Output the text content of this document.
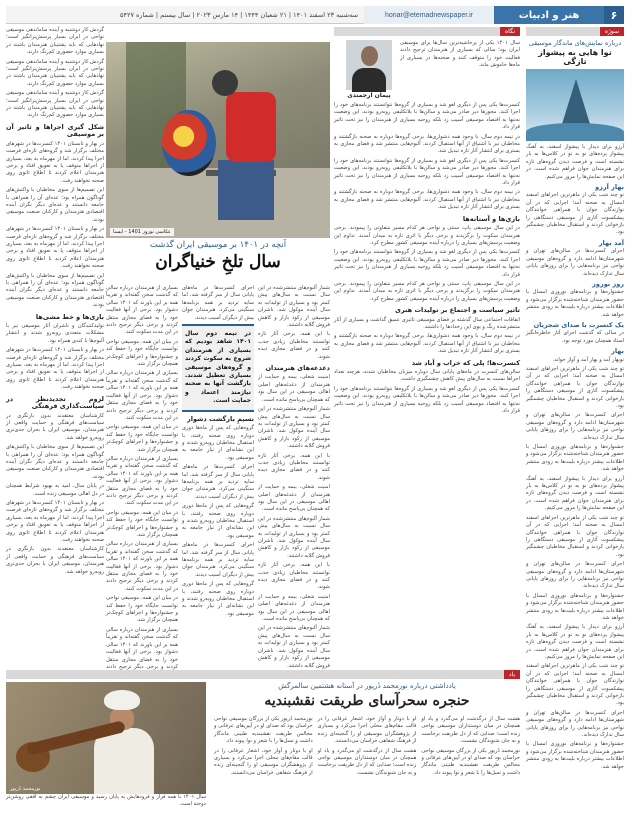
۶
هنر و ادبیات
honar@etemadnewspaper.ir
سه‌شنبه ۲۳ اسفند ۱۴۰۱ | ۲۱ شعبان ۱۴۴۴ | ۱۴ مارس ۲۰۲۳ | سال بیستم | شماره ۵۴۲۷
سوژه
درباره نمایش‌های ماندگار موسیقی
نوا هایی به پیشواز تازگی

آرزو برای دیدار با پیشواز اسفند، به آهنگ پیشواز پرده‌های نو به نو در کلاس‌ها به بار نشسته است و فرصت دیدن گروه‌های تازه برای هنرمندان جوان فراهم شده است. در این صفحه نمایش‌ها را مرور می‌کنیم.

بهار آرزو

تو چند شب یکی از ماهرترین اجراهای اسفند امسال به صحنه آمد؛ اجرایی که در آن نوازندگان جوان با همراهی خوانندگان پیشکسوت آثاری از موسیقی دستگاهی را بازخوانی کردند و استقبال مخاطبان چشمگیر بود.

آمد بهار

اجرای کنسرت‌ها در سالن‌های تهران و شهرستان‌ها ادامه دارد و گروه‌های موسیقی نواحی نیز برنامه‌هایی را برای روزهای پایانی سال تدارک دیده‌اند.

روز نوروز

جشنواره‌ها و برنامه‌های نوروزی امسال با حضور هنرمندان شناخته‌شده برگزار می‌شود و اطلاعات بیشتر درباره بلیت‌ها به زودی منتشر خواهد شد.

یک کنسرت با صدای شجریان

در سالی که گذشت اجرای آثار خاطره‌انگیز استاد همچنان مورد توجه بود.

بهار

نوبهار آمد و بهار آمد و آواز خواند.

تو چند شب یکی از ماهرترین اجراهای اسفند امسال به صحنه آمد؛ اجرایی که در آن نوازندگان جوان با همراهی خوانندگان پیشکسوت آثاری از موسیقی دستگاهی را بازخوانی کردند و استقبال مخاطبان چشمگیر بود.

اجرای کنسرت‌ها در سالن‌های تهران و شهرستان‌ها ادامه دارد و گروه‌های موسیقی نواحی نیز برنامه‌هایی را برای روزهای پایانی سال تدارک دیده‌اند.

جشنواره‌ها و برنامه‌های نوروزی امسال با حضور هنرمندان شناخته‌شده برگزار می‌شود و اطلاعات بیشتر درباره بلیت‌ها به زودی منتشر خواهد شد.

آرزو برای دیدار با پیشواز اسفند، به آهنگ پیشواز پرده‌های نو به نو در کلاس‌ها به بار نشسته است و فرصت دیدن گروه‌های تازه برای هنرمندان جوان فراهم شده است. در این صفحه نمایش‌ها را مرور می‌کنیم.

تو چند شب یکی از ماهرترین اجراهای اسفند امسال به صحنه آمد؛ اجرایی که در آن نوازندگان جوان با همراهی خوانندگان پیشکسوت آثاری از موسیقی دستگاهی را بازخوانی کردند و استقبال مخاطبان چشمگیر بود.

اجرای کنسرت‌ها در سالن‌های تهران و شهرستان‌ها ادامه دارد و گروه‌های موسیقی نواحی نیز برنامه‌هایی را برای روزهای پایانی سال تدارک دیده‌اند.

جشنواره‌ها و برنامه‌های نوروزی امسال با حضور هنرمندان شناخته‌شده برگزار می‌شود و اطلاعات بیشتر درباره بلیت‌ها به زودی منتشر خواهد شد.

آرزو برای دیدار با پیشواز اسفند، به آهنگ پیشواز پرده‌های نو به نو در کلاس‌ها به بار نشسته است و فرصت دیدن گروه‌های تازه برای هنرمندان جوان فراهم شده است. در این صفحه نمایش‌ها را مرور می‌کنیم.

تو چند شب یکی از ماهرترین اجراهای اسفند امسال به صحنه آمد؛ اجرایی که در آن نوازندگان جوان با همراهی خوانندگان پیشکسوت آثاری از موسیقی دستگاهی را بازخوانی کردند و استقبال مخاطبان چشمگیر بود.

اجرای کنسرت‌ها در سالن‌های تهران و شهرستان‌ها ادامه دارد و گروه‌های موسیقی نواحی نیز برنامه‌هایی را برای روزهای پایانی سال تدارک دیده‌اند.

جشنواره‌ها و برنامه‌های نوروزی امسال با حضور هنرمندان شناخته‌شده برگزار می‌شود و اطلاعات بیشتر درباره بلیت‌ها به زودی منتشر خواهد شد.

نگاه
سال ۱۴۰۱ یکی از پرحاشیه‌ترین سال‌ها برای موسیقی ایران بود؛ سالی که بسیاری از هنرمندان ترجیح دادند فعالیت خود را متوقف کنند و صحنه‌ها در بسیاری از ماه‌ها خاموش ماند.
پیمان آرجمندی

کنسرت‌ها یکی پس از دیگری لغو شد و بسیاری از گروه‌ها نتوانستند برنامه‌های خود را اجرا کنند. مجوزها دیر صادر می‌شد و سالن‌ها با بلاتکلیفی روبه‌رو بودند. این وضعیت نه‌تنها به اقتصاد موسیقی آسیب زد بلکه روحیه بسیاری از هنرمندان را نیز تحت تاثیر قرار داد.

در نیمه دوم سال، با وجود همه دشواری‌ها، برخی گروه‌ها دوباره به صحنه بازگشتند و مخاطبان نیز با اشتیاق از آنها استقبال کردند. آلبوم‌هایی منتشر شد و فضای مجازی به بستری برای انتشار آثار تازه تبدیل شد.

کنسرت‌ها یکی پس از دیگری لغو شد و بسیاری از گروه‌ها نتوانستند برنامه‌های خود را اجرا کنند. مجوزها دیر صادر می‌شد و سالن‌ها با بلاتکلیفی روبه‌رو بودند. این وضعیت نه‌تنها به اقتصاد موسیقی آسیب زد بلکه روحیه بسیاری از هنرمندان را نیز تحت تاثیر قرار داد.

در نیمه دوم سال، با وجود همه دشواری‌ها، برخی گروه‌ها دوباره به صحنه بازگشتند و مخاطبان نیز با اشتیاق از آنها استقبال کردند. آلبوم‌هایی منتشر شد و فضای مجازی به بستری برای انتشار آثار تازه تبدیل شد.

بازی‌ها و آستانه‌ها

در این سال موسیقی پاپ، سنتی و نواحی هر کدام مسیر متفاوتی را پیمودند. برخی هنرمندان سکوت را برگزیدند و برخی دیگر با اثری تازه به میدان آمدند. تداوم این وضعیت پرسش‌های بسیاری را درباره آینده موسیقی کشور مطرح کرد.

کنسرت‌ها یکی پس از دیگری لغو شد و بسیاری از گروه‌ها نتوانستند برنامه‌های خود را اجرا کنند. مجوزها دیر صادر می‌شد و سالن‌ها با بلاتکلیفی روبه‌رو بودند. این وضعیت نه‌تنها به اقتصاد موسیقی آسیب زد بلکه روحیه بسیاری از هنرمندان را نیز تحت تاثیر قرار داد.

در این سال موسیقی پاپ، سنتی و نواحی هر کدام مسیر متفاوتی را پیمودند. برخی هنرمندان سکوت را برگزیدند و برخی دیگر با اثری تازه به میدان آمدند. تداوم این وضعیت پرسش‌های بسیاری را درباره آینده موسیقی کشور مطرح کرد.

تاثیر سیاست و اجتماع بر تولیدات هنری

اتفاقات اجتماعی سال گذشته بر فضای موسیقی تاثیری عمیق گذاشت و بسیاری از آثار منتشرشده رنگ و بوی این رخدادها را داشتند.

در نیمه دوم سال، با وجود همه دشواری‌ها، برخی گروه‌ها دوباره به صحنه بازگشتند و مخاطبان نیز با اشتیاق از آنها استقبال کردند. آلبوم‌هایی منتشر شد و فضای مجازی به بستری برای انتشار آثار تازه تبدیل شد.

کنسرت‌ها؛ پلی که خراب و آباد شد

سالن‌های کنسرت در ماه‌های پایانی سال دوباره میزبان مخاطبان شدند، هرچند تعداد اجراها نسبت به سال‌های پیش کاهش چشمگیری داشت.

کنسرت‌ها یکی پس از دیگری لغو شد و بسیاری از گروه‌ها نتوانستند برنامه‌های خود را اجرا کنند. مجوزها دیر صادر می‌شد و سالن‌ها با بلاتکلیفی روبه‌رو بودند. این وضعیت نه‌تنها به اقتصاد موسیقی آسیب زد بلکه روحیه بسیاری از هنرمندان را نیز تحت تاثیر قرار داد.

عکاسی نوروز 1401 - ایسنا
آنچه در ۱۴۰۱ بر موسیقی ایران گذشت
سال تلخِ خنیاگران

گردش کار دوشنبه و آینده ساماندهی موسیقی نواحی در ایران بسیار پرسش‌برانگیز است؛ نهادهایی که باید پشتیبان هنرمندان باشند در بسیاری موارد حضوری کم‌رنگ دارند.

گردش کار دوشنبه و آینده ساماندهی موسیقی نواحی در ایران بسیار پرسش‌برانگیز است؛ نهادهایی که باید پشتیبان هنرمندان باشند در بسیاری موارد حضوری کم‌رنگ دارند.

گردش کار دوشنبه و آینده ساماندهی موسیقی نواحی در ایران بسیار پرسش‌برانگیز است؛ نهادهایی که باید پشتیبان هنرمندان باشند در بسیاری موارد حضوری کم‌رنگ دارند.

شکل گیری اجراها و ثاثیر آن بر موسیقی

در بهار و تابستان ۱۴۰۱ کنسرت‌ها در شهرهای مختلف برگزار شد و گروه‌های تازه‌ای فرصت اجرا پیدا کردند. اما از مهرماه به بعد، بسیاری از اجراها متوقف یا به تعویق افتاد و برخی هنرمندان اعلام کردند تا اطلاع ثانوی روی صحنه نخواهند رفت.

این تصمیم‌ها از سوی مخاطبان با واکنش‌های گوناگون همراه بود؛ عده‌ای آن را همراهی با جامعه دانستند و عده‌ای دیگر نگران آینده اقتصادی هنرمندان و کارکنان صنعت موسیقی بودند.

در بهار و تابستان ۱۴۰۱ کنسرت‌ها در شهرهای مختلف برگزار شد و گروه‌های تازه‌ای فرصت اجرا پیدا کردند. اما از مهرماه به بعد، بسیاری از اجراها متوقف یا به تعویق افتاد و برخی هنرمندان اعلام کردند تا اطلاع ثانوی روی صحنه نخواهند رفت.

این تصمیم‌ها از سوی مخاطبان با واکنش‌های گوناگون همراه بود؛ عده‌ای آن را همراهی با جامعه دانستند و عده‌ای دیگر نگران آینده اقتصادی هنرمندان و کارکنان صنعت موسیقی بودند.

بازی‌ها و خط مشی‌ها

تولیدکنندگان و ناشران آثار موسیقی نیز با مشکلات متعددی روبه‌رو شدند و انتشار آلبوم‌ها با کندی همراه بود.

در بهار و تابستان ۱۴۰۱ کنسرت‌ها در شهرهای مختلف برگزار شد و گروه‌های تازه‌ای فرصت اجرا پیدا کردند. اما از مهرماه به بعد، بسیاری از اجراها متوقف یا به تعویق افتاد و برخی هنرمندان اعلام کردند تا اطلاع ثانوی روی صحنه نخواهند رفت.

لزوم تجدیدنظر در سیاست‌گذاری فرهنگی

کارشناسان معتقدند بدون بازنگری در سیاست‌های فرهنگی و حمایت واقعی از هنرمندان، موسیقی ایران با بحران جدی‌تری روبه‌رو خواهد شد.

این تصمیم‌ها از سوی مخاطبان با واکنش‌های گوناگون همراه بود؛ عده‌ای آن را همراهی با جامعه دانستند و عده‌ای دیگر نگران آینده اقتصادی هنرمندان و کارکنان صنعت موسیقی بودند.

در پایان سال، امید به بهبود شرایط همچنان در دل اهالی موسیقی زنده است.

در بهار و تابستان ۱۴۰۱ کنسرت‌ها در شهرهای مختلف برگزار شد و گروه‌های تازه‌ای فرصت اجرا پیدا کردند. اما از مهرماه به بعد، بسیاری از اجراها متوقف یا به تعویق افتاد و برخی هنرمندان اعلام کردند تا اطلاع ثانوی روی صحنه نخواهند رفت.

کارشناسان معتقدند بدون بازنگری در سیاست‌های فرهنگی و حمایت واقعی از هنرمندان، موسیقی ایران با بحران جدی‌تری روبه‌رو خواهد شد.

شمار آلبوم‌های منتشرشده در این سال نسبت به سال‌های پیش کمتر بود و بسیاری از تولیدات به سال آینده موکول شد. ناشران موسیقی از رکود بازار و کاهش فروش گلایه داشتند.

با این همه، برخی آثار تازه توانستند مخاطبان زیادی جذب کنند و در فضای مجازی دیده شوند.

دغدغه‌های هنرمندان

امنیت شغلی، بیمه و حمایت از هنرمندان از دغدغه‌های اصلی اهالی موسیقی در این سال بود که همچنان بی‌پاسخ مانده است.

شمار آلبوم‌های منتشرشده در این سال نسبت به سال‌های پیش کمتر بود و بسیاری از تولیدات به سال آینده موکول شد. ناشران موسیقی از رکود بازار و کاهش فروش گلایه داشتند.

با این همه، برخی آثار تازه توانستند مخاطبان زیادی جذب کنند و در فضای مجازی دیده شوند.

امنیت شغلی، بیمه و حمایت از هنرمندان از دغدغه‌های اصلی اهالی موسیقی در این سال بود که همچنان بی‌پاسخ مانده است.

شمار آلبوم‌های منتشرشده در این سال نسبت به سال‌های پیش کمتر بود و بسیاری از تولیدات به سال آینده موکول شد. ناشران موسیقی از رکود بازار و کاهش فروش گلایه داشتند.

با این همه، برخی آثار تازه توانستند مخاطبان زیادی جذب کنند و در فضای مجازی دیده شوند.

امنیت شغلی، بیمه و حمایت از هنرمندان از دغدغه‌های اصلی اهالی موسیقی در این سال بود که همچنان بی‌پاسخ مانده است.

شمار آلبوم‌های منتشرشده در این سال نسبت به سال‌های پیش کمتر بود و بسیاری از تولیدات به سال آینده موکول شد. ناشران موسیقی از رکود بازار و کاهش فروش گلایه داشتند.

اجرای کنسرت‌ها در ماه‌های پایانی سال از سر گرفته شد، اما سایه تردید بر همه برنامه‌ها سنگینی می‌کرد. هنرمندان جوان بیش از دیگران آسیب دیدند.

در نیمه دوم سال ۱۴۰۱ شاهد بودیم که بسیاری از هنرمندان شروع به سکوت کردند و گروه‌های موسیقی بسیاری تعطیل شدند. بازگشت آنها به صحنه نیازمند اعتماد و حمایت است.
نسیمِ بازگشت دشوار

گروه‌هایی که پس از ماه‌ها دوری دوباره روی صحنه رفتند، با استقبال مخاطبان روبه‌رو شدند و این نشانه‌ای از نیاز جامعه به موسیقی بود.

اجرای کنسرت‌ها در ماه‌های پایانی سال از سر گرفته شد، اما سایه تردید بر همه برنامه‌ها سنگینی می‌کرد. هنرمندان جوان بیش از دیگران آسیب دیدند.

گروه‌هایی که پس از ماه‌ها دوری دوباره روی صحنه رفتند، با استقبال مخاطبان روبه‌رو شدند و این نشانه‌ای از نیاز جامعه به موسیقی بود.

اجرای کنسرت‌ها در ماه‌های پایانی سال از سر گرفته شد، اما سایه تردید بر همه برنامه‌ها سنگینی می‌کرد. هنرمندان جوان بیش از دیگران آسیب دیدند.

گروه‌هایی که پس از ماه‌ها دوری دوباره روی صحنه رفتند، با استقبال مخاطبان روبه‌رو شدند و این نشانه‌ای از نیاز جامعه به موسیقی بود.

بسیاری از هنرمندان درباره سالی که گذشت سخن گفته‌اند و تقریباً همه بر این باورند که ۱۴۰۱ سالی دشوار بود. برخی از آنها فعالیت خود را به فضای مجازی منتقل کردند و برخی دیگر ترجیح دادند در این مدت سکوت کنند.

در میان این همه، موسیقی نواحی توانست جایگاه خود را حفظ کند و جشنواره‌ها و اجراهای کوچک‌تر همچنان برگزار شد.

بسیاری از هنرمندان درباره سالی که گذشت سخن گفته‌اند و تقریباً همه بر این باورند که ۱۴۰۱ سالی دشوار بود. برخی از آنها فعالیت خود را به فضای مجازی منتقل کردند و برخی دیگر ترجیح دادند در این مدت سکوت کنند.

در میان این همه، موسیقی نواحی توانست جایگاه خود را حفظ کند و جشنواره‌ها و اجراهای کوچک‌تر همچنان برگزار شد.

بسیاری از هنرمندان درباره سالی که گذشت سخن گفته‌اند و تقریباً همه بر این باورند که ۱۴۰۱ سالی دشوار بود. برخی از آنها فعالیت خود را به فضای مجازی منتقل کردند و برخی دیگر ترجیح دادند در این مدت سکوت کنند.

در میان این همه، موسیقی نواحی توانست جایگاه خود را حفظ کند و جشنواره‌ها و اجراهای کوچک‌تر همچنان برگزار شد.

بسیاری از هنرمندان درباره سالی که گذشت سخن گفته‌اند و تقریباً همه بر این باورند که ۱۴۰۱ سالی دشوار بود. برخی از آنها فعالیت خود را به فضای مجازی منتقل کردند و برخی دیگر ترجیح دادند در این مدت سکوت کنند.

در میان این همه، موسیقی نواحی توانست جایگاه خود را حفظ کند و جشنواره‌ها و اجراهای کوچک‌تر همچنان برگزار شد.

بسیاری از هنرمندان درباره سالی که گذشت سخن گفته‌اند و تقریباً همه بر این باورند که ۱۴۰۱ سالی دشوار بود. برخی از آنها فعالیت خود را به فضای مجازی منتقل کردند و برخی دیگر ترجیح دادند

یاد
یادداشتی درباره نورمحمد دُرپور در آستانه هشتمین سالمرگش
حنجره سحرآسای طریقت نقشبندیه
نورمحمد دُرپور

هشت سال از درگذشت او می‌گذرد و یاد او همچنان در میان دوستداران موسیقی نواحی زنده است؛ صدایی که از دل طریقت برخاست و به جان شنوندگان نشست.

نورمحمد دُرپور یکی از بزرگان موسیقی نواحی خراسان بود که صدای او در آیین‌های عرفانی و مجالس طریقت نقشبندیه طنینی ماندگار داشت و نسل‌ها را با شعر و نوا پیوند داد.

او با دوتار و آواز خود، اشعار عرفانی را در قالب مقام‌های محلی اجرا می‌کرد و بسیاری از پژوهشگران موسیقی او را گنجینه‌ای زنده از فرهنگ شفاهی خراسان می‌دانستند.

هشت سال از درگذشت او می‌گذرد و یاد او همچنان در میان دوستداران موسیقی نواحی زنده است؛ صدایی که از دل طریقت برخاست و به جان شنوندگان نشست.

نورمحمد دُرپور یکی از بزرگان موسیقی نواحی خراسان بود که صدای او در آیین‌های عرفانی و مجالس طریقت نقشبندیه طنینی ماندگار داشت و نسل‌ها را با شعر و نوا پیوند داد.

او با دوتار و آواز خود، اشعار عرفانی را در قالب مقام‌های محلی اجرا می‌کرد و بسیاری از پژوهشگران موسیقی او را گنجینه‌ای زنده از فرهنگ شفاهی خراسان می‌دانستند.

سال ۱۴۰۱ با همه فراز و فرودهایش به پایان رسید و موسیقی ایران چشم به افقی روشن‌تر دوخته است.
